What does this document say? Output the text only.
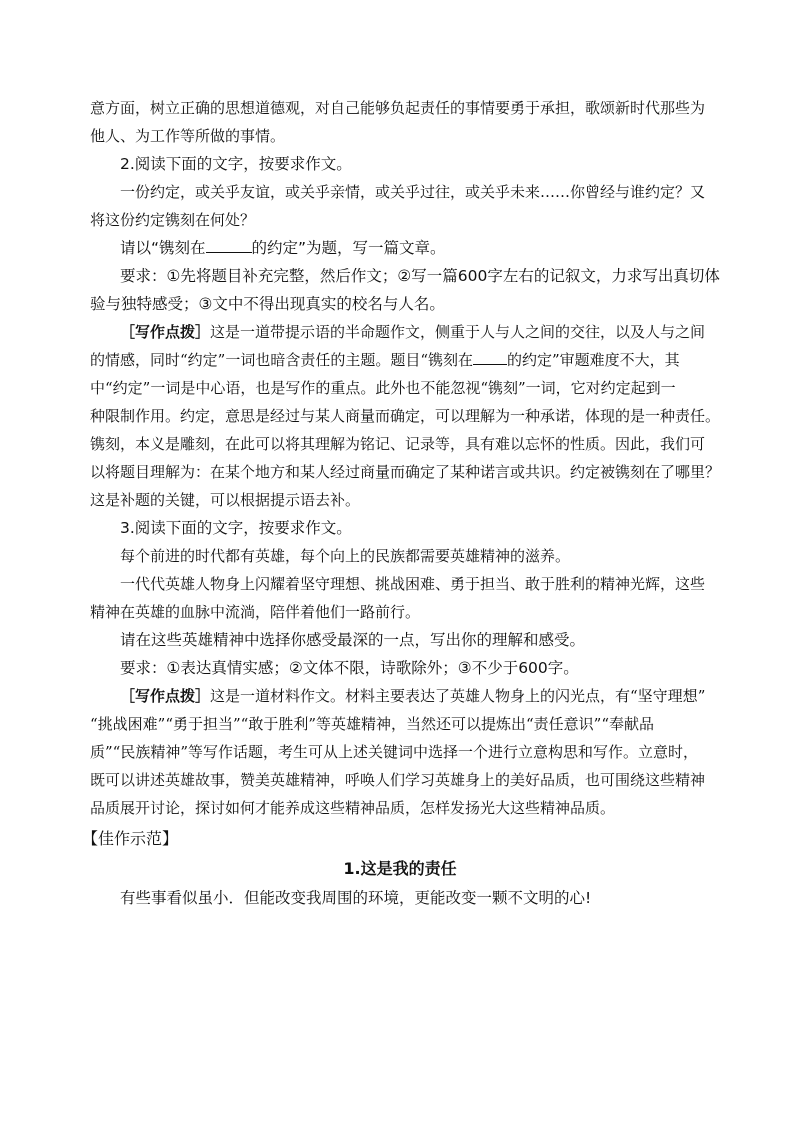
意方面，树立正确的思想道德观，对自己能够负起责任的事情要勇于承担，歌颂新时代那些为

他人、为工作等所做的事情。

2.阅读下面的文字，按要求作文。

一份约定，或关乎友谊，或关乎亲情，或关乎过往，或关乎未来……你曾经与谁约定？又

将这份约定镌刻在何处？

请以“镌刻在	的约定”为题，写一篇文章。

要求：①先将题目补充完整，然后作文；②写一篇600字左右的记叙文，力求写出真切体

验与独特感受；③文中不得出现真实的校名与人名。

［写作点拨］这是一道带提示语的半命题作文，侧重于人与人之间的交往，以及人与之间

的情感，同时“约定”一词也暗含责任的主题。题目“镌刻在 的约定”审题难度不大，其

中“约定”一词是中心语，也是写作的重点。此外也不能忽视“镌刻”一词，它对约定起到一

种限制作用。约定，意思是经过与某人商量而确定，可以理解为一种承诺，体现的是一种责任。

镌刻，本义是雕刻，在此可以将其理解为铭记、记录等，具有难以忘怀的性质。因此，我们可

以将题目理解为：在某个地方和某人经过商量而确定了某种诺言或共识。约定被镌刻在了哪里？

这是补题的关键，可以根据提示语去补。

3.阅读下面的文字，按要求作文。

每个前进的时代都有英雄，每个向上的民族都需要英雄精神的滋养。

一代代英雄人物身上闪耀着坚守理想、挑战困难、勇于担当、敢于胜利的精神光辉，这些

精神在英雄的血脉中流淌，陪伴着他们一路前行。

请在这些英雄精神中选择你感受最深的一点，写出你的理解和感受。

要求：①表达真情实感；②文体不限，诗歌除外；③不少于600字。

［写作点拨］这是一道材料作文。材料主要表达了英雄人物身上的闪光点，有“坚守理想”

“挑战困难”“勇于担当”“敢于胜利”等英雄精神，当然还可以提炼出“责任意识”“奉献品

质”“民族精神”等写作话题，考生可从上述关键词中选择一个进行立意构思和写作。立意时，

既可以讲述英雄故事，赞美英雄精神，呼唤人们学习英雄身上的美好品质，也可围绕这些精神

品质展开讨论，探讨如何才能养成这些精神品质，怎样发扬光大这些精神品质。

【佳作示范】

1.这是我的责任

有些事看似虽小．但能改变我周围的环境，更能改变一颗不文明的心!
